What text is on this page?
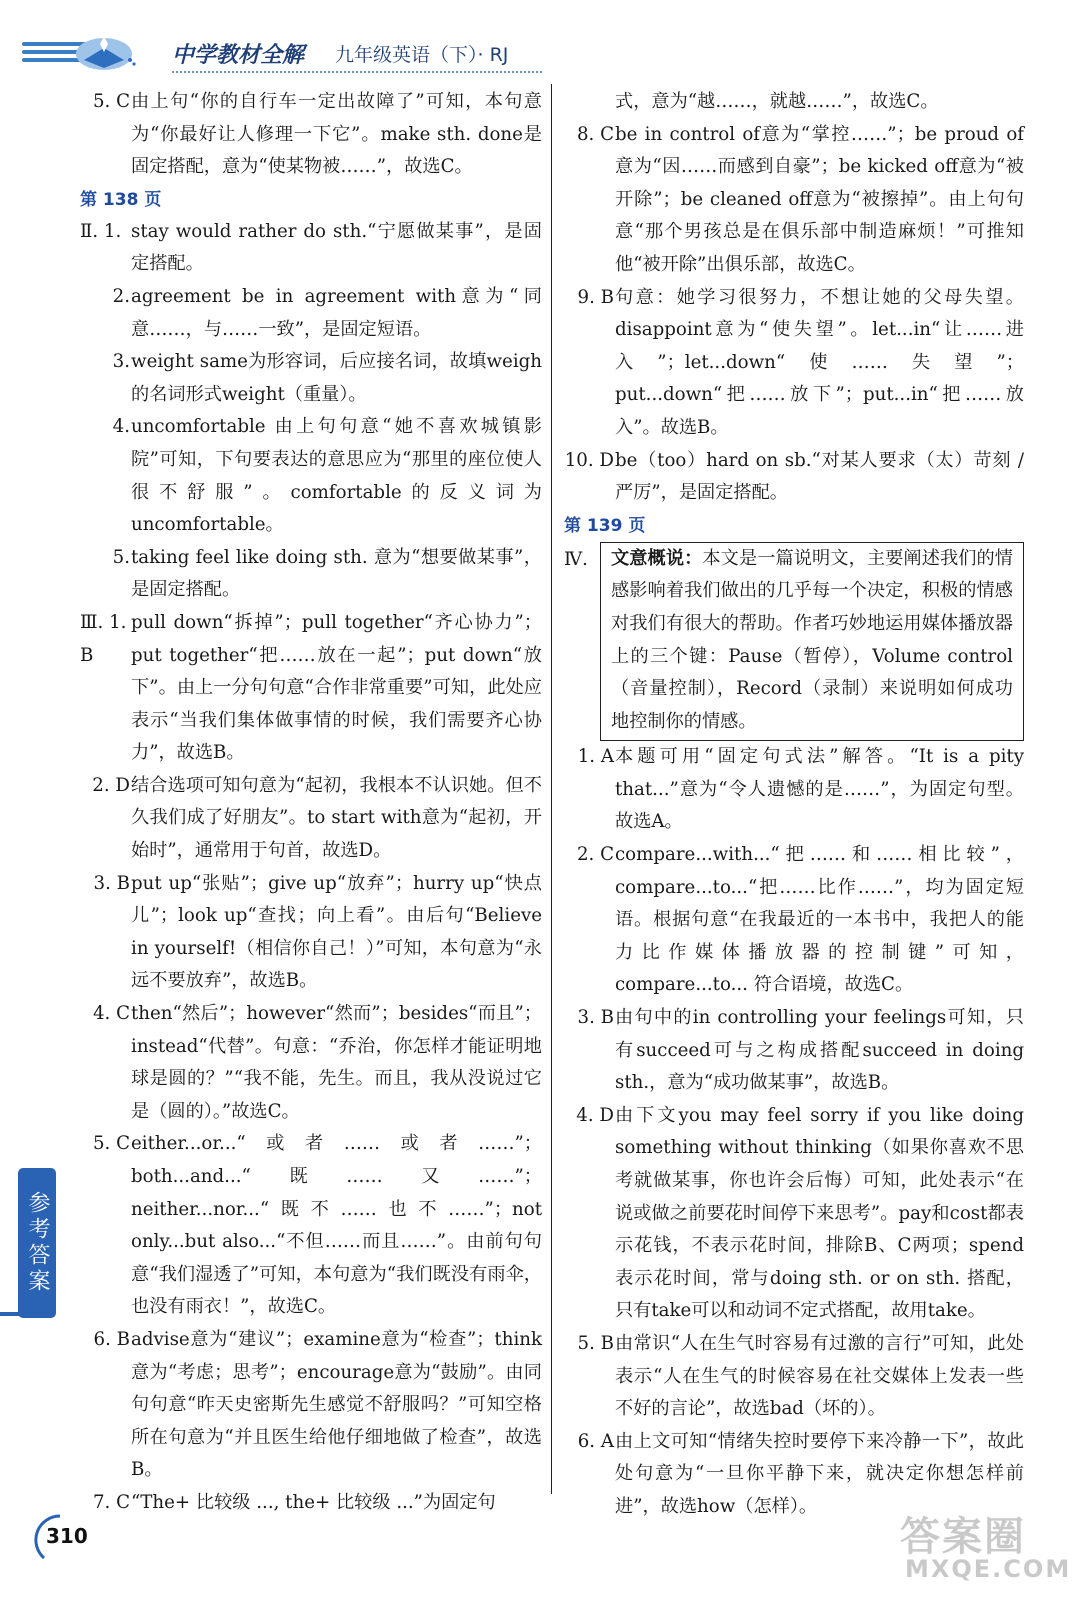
中学教材全解 九年级英语（下）· RJ
5. C 由上句“你的自行车一定出故障了”可知，本句意为“你最好让人修理一下它”。make sth. done是固定搭配，意为“使某物被……”，故选C。
第 138 页
Ⅱ. 1. stay would rather do sth.“宁愿做某事”，是固定搭配。
2. agreement be in agreement with意为“同意……，与……一致”，是固定短语。
3. weight same为形容词，后应接名词，故填weigh的名词形式weight（重量）。
4. uncomfortable 由上句句意“她不喜欢城镇影院”可知，下句要表达的意思应为“那里的座位使人很不舒服”。comfortable的反义词为uncomfortable。
5. taking feel like doing sth. 意为“想要做某事”，是固定搭配。
Ⅲ. 1. B
pull down“拆掉”；pull together“齐心协力”；put together“把……放在一起”；put down“放下”。由上一分句句意“合作非常重要”可知，此处应表示“当我们集体做事情的时候，我们需要齐心协力”，故选B。
2. D 结合选项可知句意为“起初，我根本不认识她。但不久我们成了好朋友”。to start with意为“起初，开始时”，通常用于句首，故选D。
3. B put up“张贴”；give up“放弃”；hurry up“快点儿”；look up“查找；向上看”。由后句“Believe in yourself!（相信你自己！）”可知，本句意为“永远不要放弃”，故选B。
4. C then“然后”；however“然而”；besides“而且”；instead“代替”。句意：“乔治，你怎样才能证明地球是圆的？”“我不能，先生。而且，我从没说过它是（圆的）。”故选C。
5. C either...or...“或者……或者……”；both...and...“既……又……”；neither...nor...“既不……也不……”；not only...but also...“不但……而且……”。由前句句意“我们湿透了”可知，本句意为“我们既没有雨伞，也没有雨衣！”，故选C。
6. B advise意为“建议”；examine意为“检查”；think意为“考虑；思考”；encourage意为“鼓励”。由同句句意“昨天史密斯先生感觉不舒服吗？”可知空格所在句意为“并且医生给他仔细地做了检查”，故选B。
7. C “The+ 比较级 ..., the+ 比较级 ...”为固定句
式，意为“越……，就越……”，故选C。
8. C be in control of意为“掌控……”；be proud of意为“因……而感到自豪”；be kicked off意为“被开除”；be cleaned off意为“被擦掉”。由上句句意“那个男孩总是在俱乐部中制造麻烦！”可推知他“被开除”出俱乐部，故选C。
9. B 句意：她学习很努力，不想让她的父母失望。disappoint意为“使失望”。let...in“让……进入”；let...down“使……失望”；put...down“把……放下”；put...in“把……放入”。故选B。
10. D be（too）hard on sb.“对某人要求（太）苛刻 / 严厉”，是固定搭配。
第 139 页
Ⅳ.	文意概说：本文是一篇说明文，主要阐述我们的情感影响着我们做出的几乎每一个决定，积极的情感对我们有很大的帮助。作者巧妙地运用媒体播放器上的三个键：Pause（暂停），Volume control（音量控制），Record（录制）来说明如何成功地控制你的情感。
1. A 本题可用“固定句式法”解答。“It is a pity that...”意为“令人遗憾的是……”，为固定句型。故选A。
2. C compare...with...“把……和……相比较”，compare...to...“把……比作……”，均为固定短语。根据句意“在我最近的一本书中，我把人的能力比作媒体播放器的控制键”可知，compare...to... 符合语境，故选C。
3. B 由句中的in controlling your feelings可知，只有succeed可与之构成搭配succeed in doing sth.，意为“成功做某事”，故选B。
4. D 由下文you may feel sorry if you like doing something without thinking（如果你喜欢不思考就做某事，你也许会后悔）可知，此处表示“在说或做之前要花时间停下来思考”。pay和cost都表示花钱，不表示花时间，排除B、C两项；spend表示花时间，常与doing sth. or on sth. 搭配，只有take可以和动词不定式搭配，故用take。
5. B 由常识“人在生气时容易有过激的言行”可知，此处表示“人在生气的时候容易在社交媒体上发表一些不好的言论”，故选bad（坏的）。
6. A 由上文可知“情绪失控时要停下来冷静一下”，故此处句意为“一旦你平静下来，就决定你想怎样前进”，故选how（怎样）。
参考答案
310	答案圈
MXQE.COM
